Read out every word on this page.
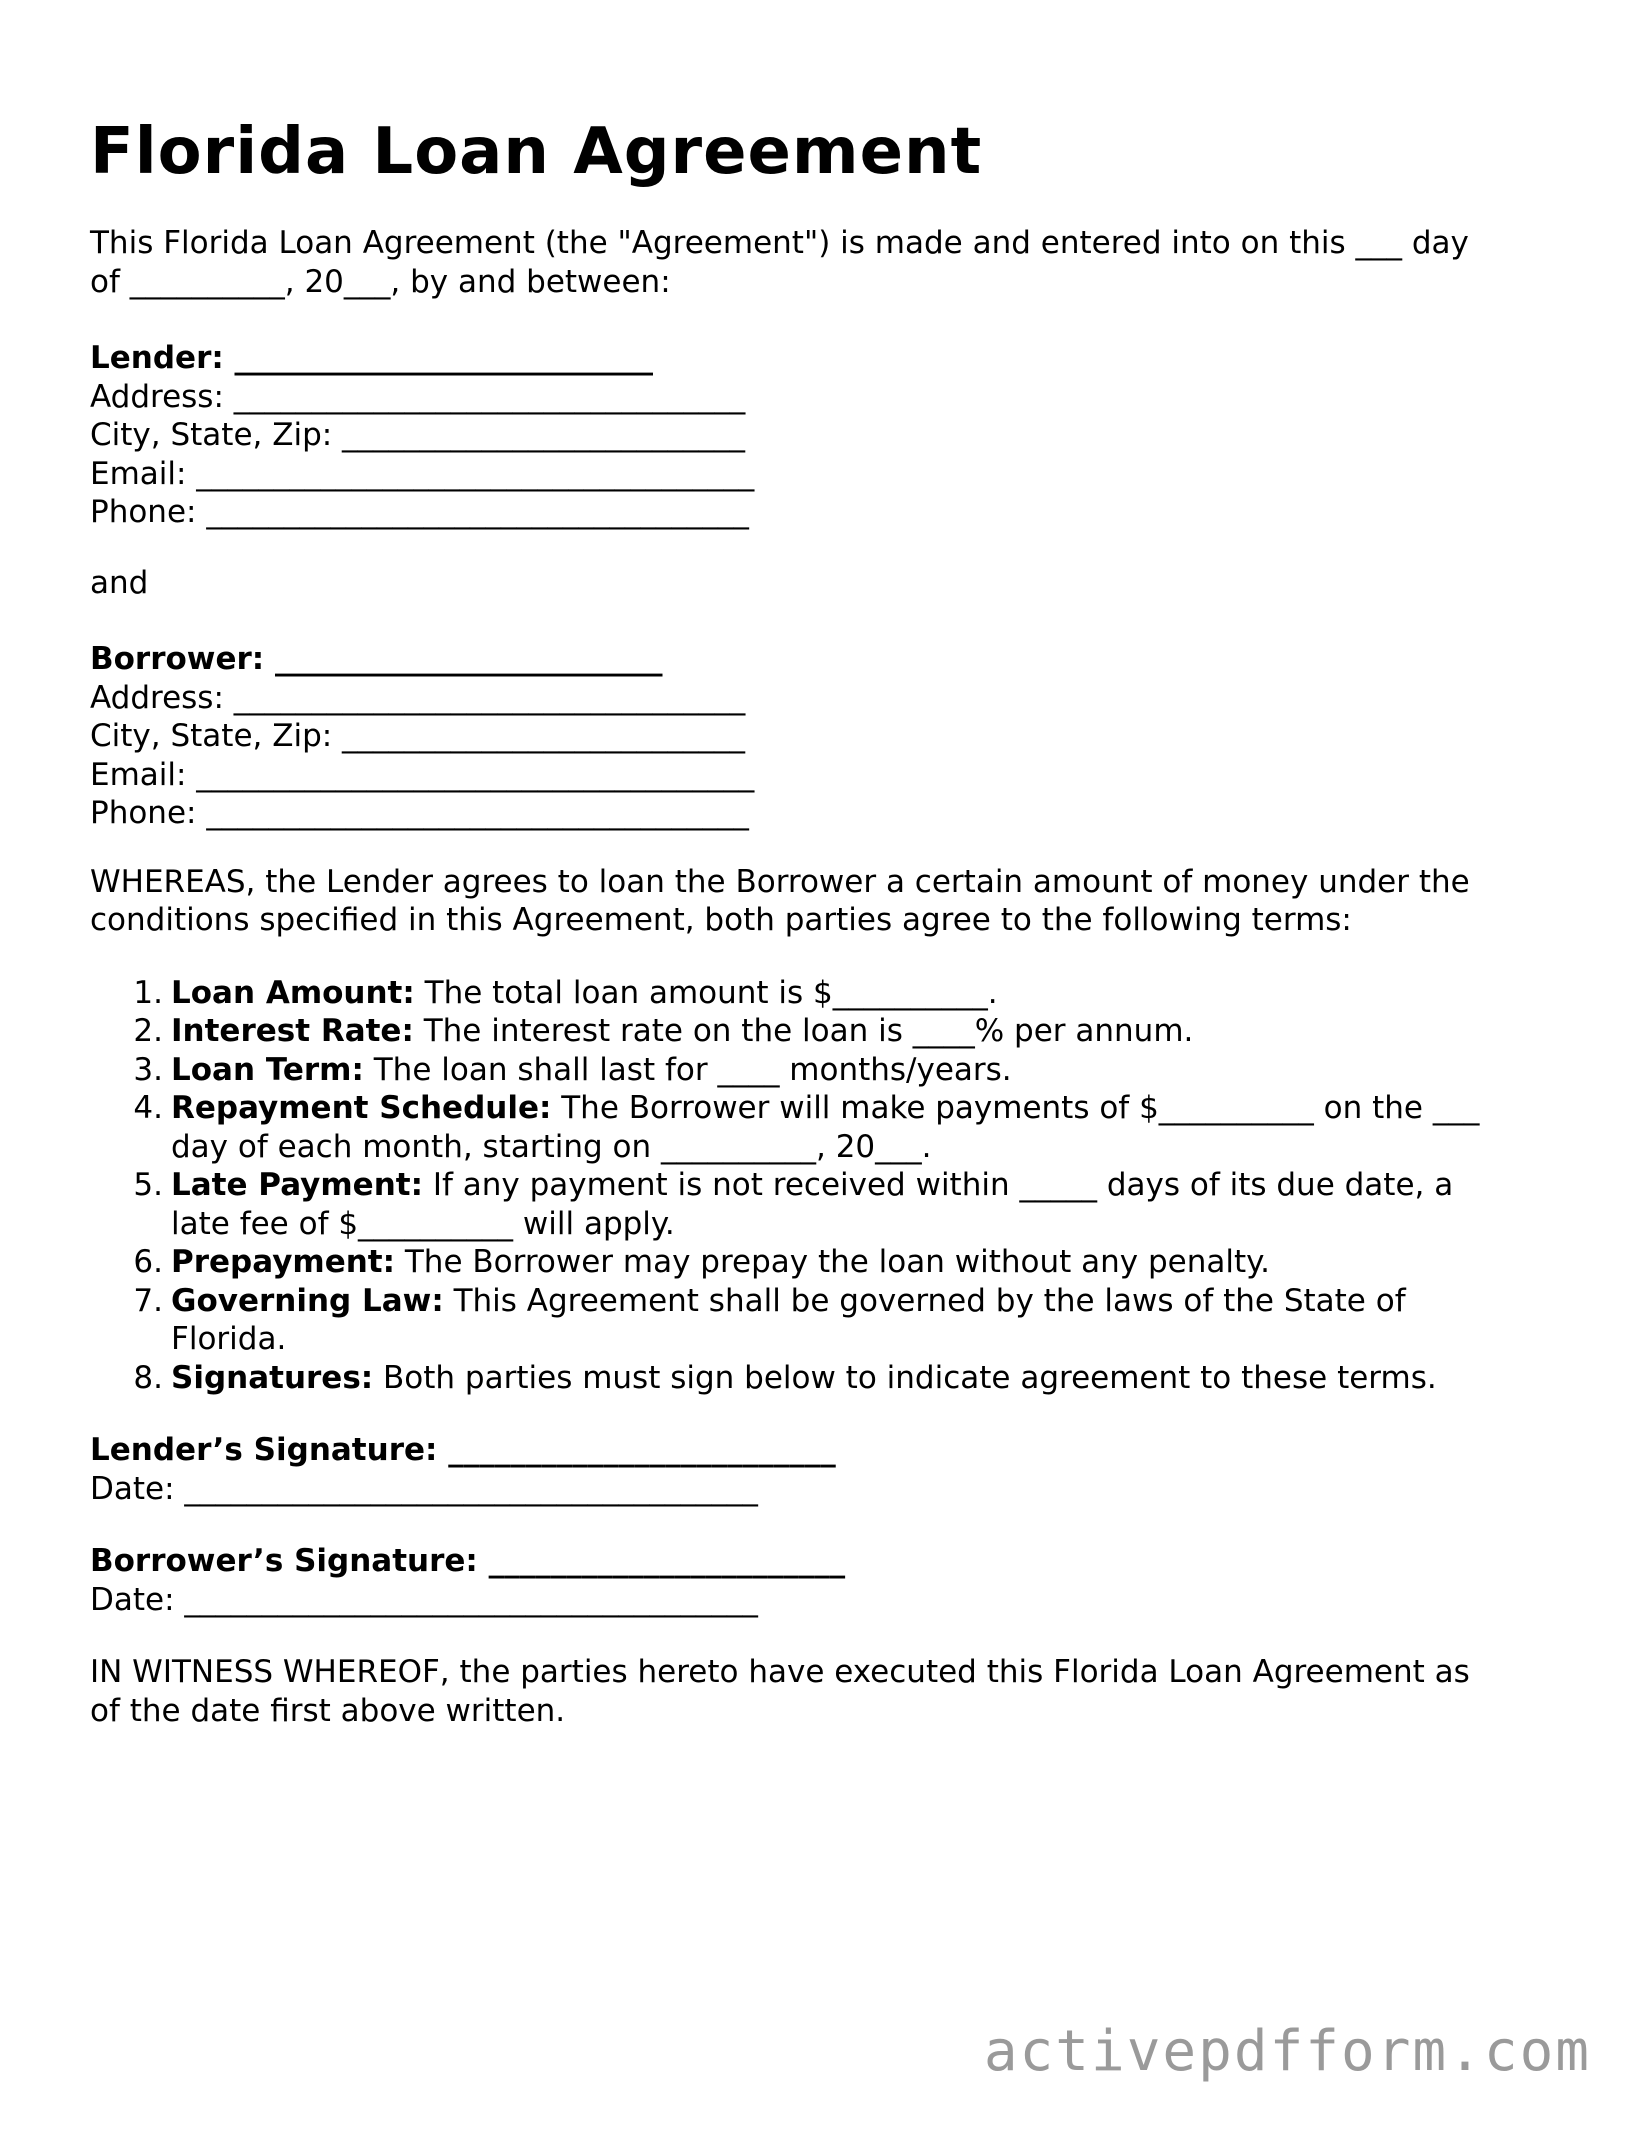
Florida Loan Agreement
This Florida Loan Agreement (the "Agreement") is made and entered into on this ___ day
of __________, 20___, by and between:
Lender: ___________________________
Address: _________________________________
City, State, Zip: __________________________
Email: ____________________________________
Phone: ___________________________________
and
Borrower: _________________________
Address: _________________________________
City, State, Zip: __________________________
Email: ____________________________________
Phone: ___________________________________
WHEREAS, the Lender agrees to loan the Borrower a certain amount of money under the
conditions specified in this Agreement, both parties agree to the following terms:
Loan Amount: The total loan amount is $__________.
Interest Rate: The interest rate on the loan is ____% per annum.
Loan Term: The loan shall last for ____ months/years.
Repayment Schedule: The Borrower will make payments of $__________ on the ___
day of each month, starting on __________, 20___.
Late Payment: If any payment is not received within _____ days of its due date, a
late fee of $__________ will apply.
Prepayment: The Borrower may prepay the loan without any penalty.
Governing Law: This Agreement shall be governed by the laws of the State of
Florida.
Signatures: Both parties must sign below to indicate agreement to these terms.
Lender’s Signature: _________________________
Date: _____________________________________
Borrower’s Signature: _______________________
Date: _____________________________________
IN WITNESS WHEREOF, the parties hereto have executed this Florida Loan Agreement as
of the date first above written.
activepdfform.com
